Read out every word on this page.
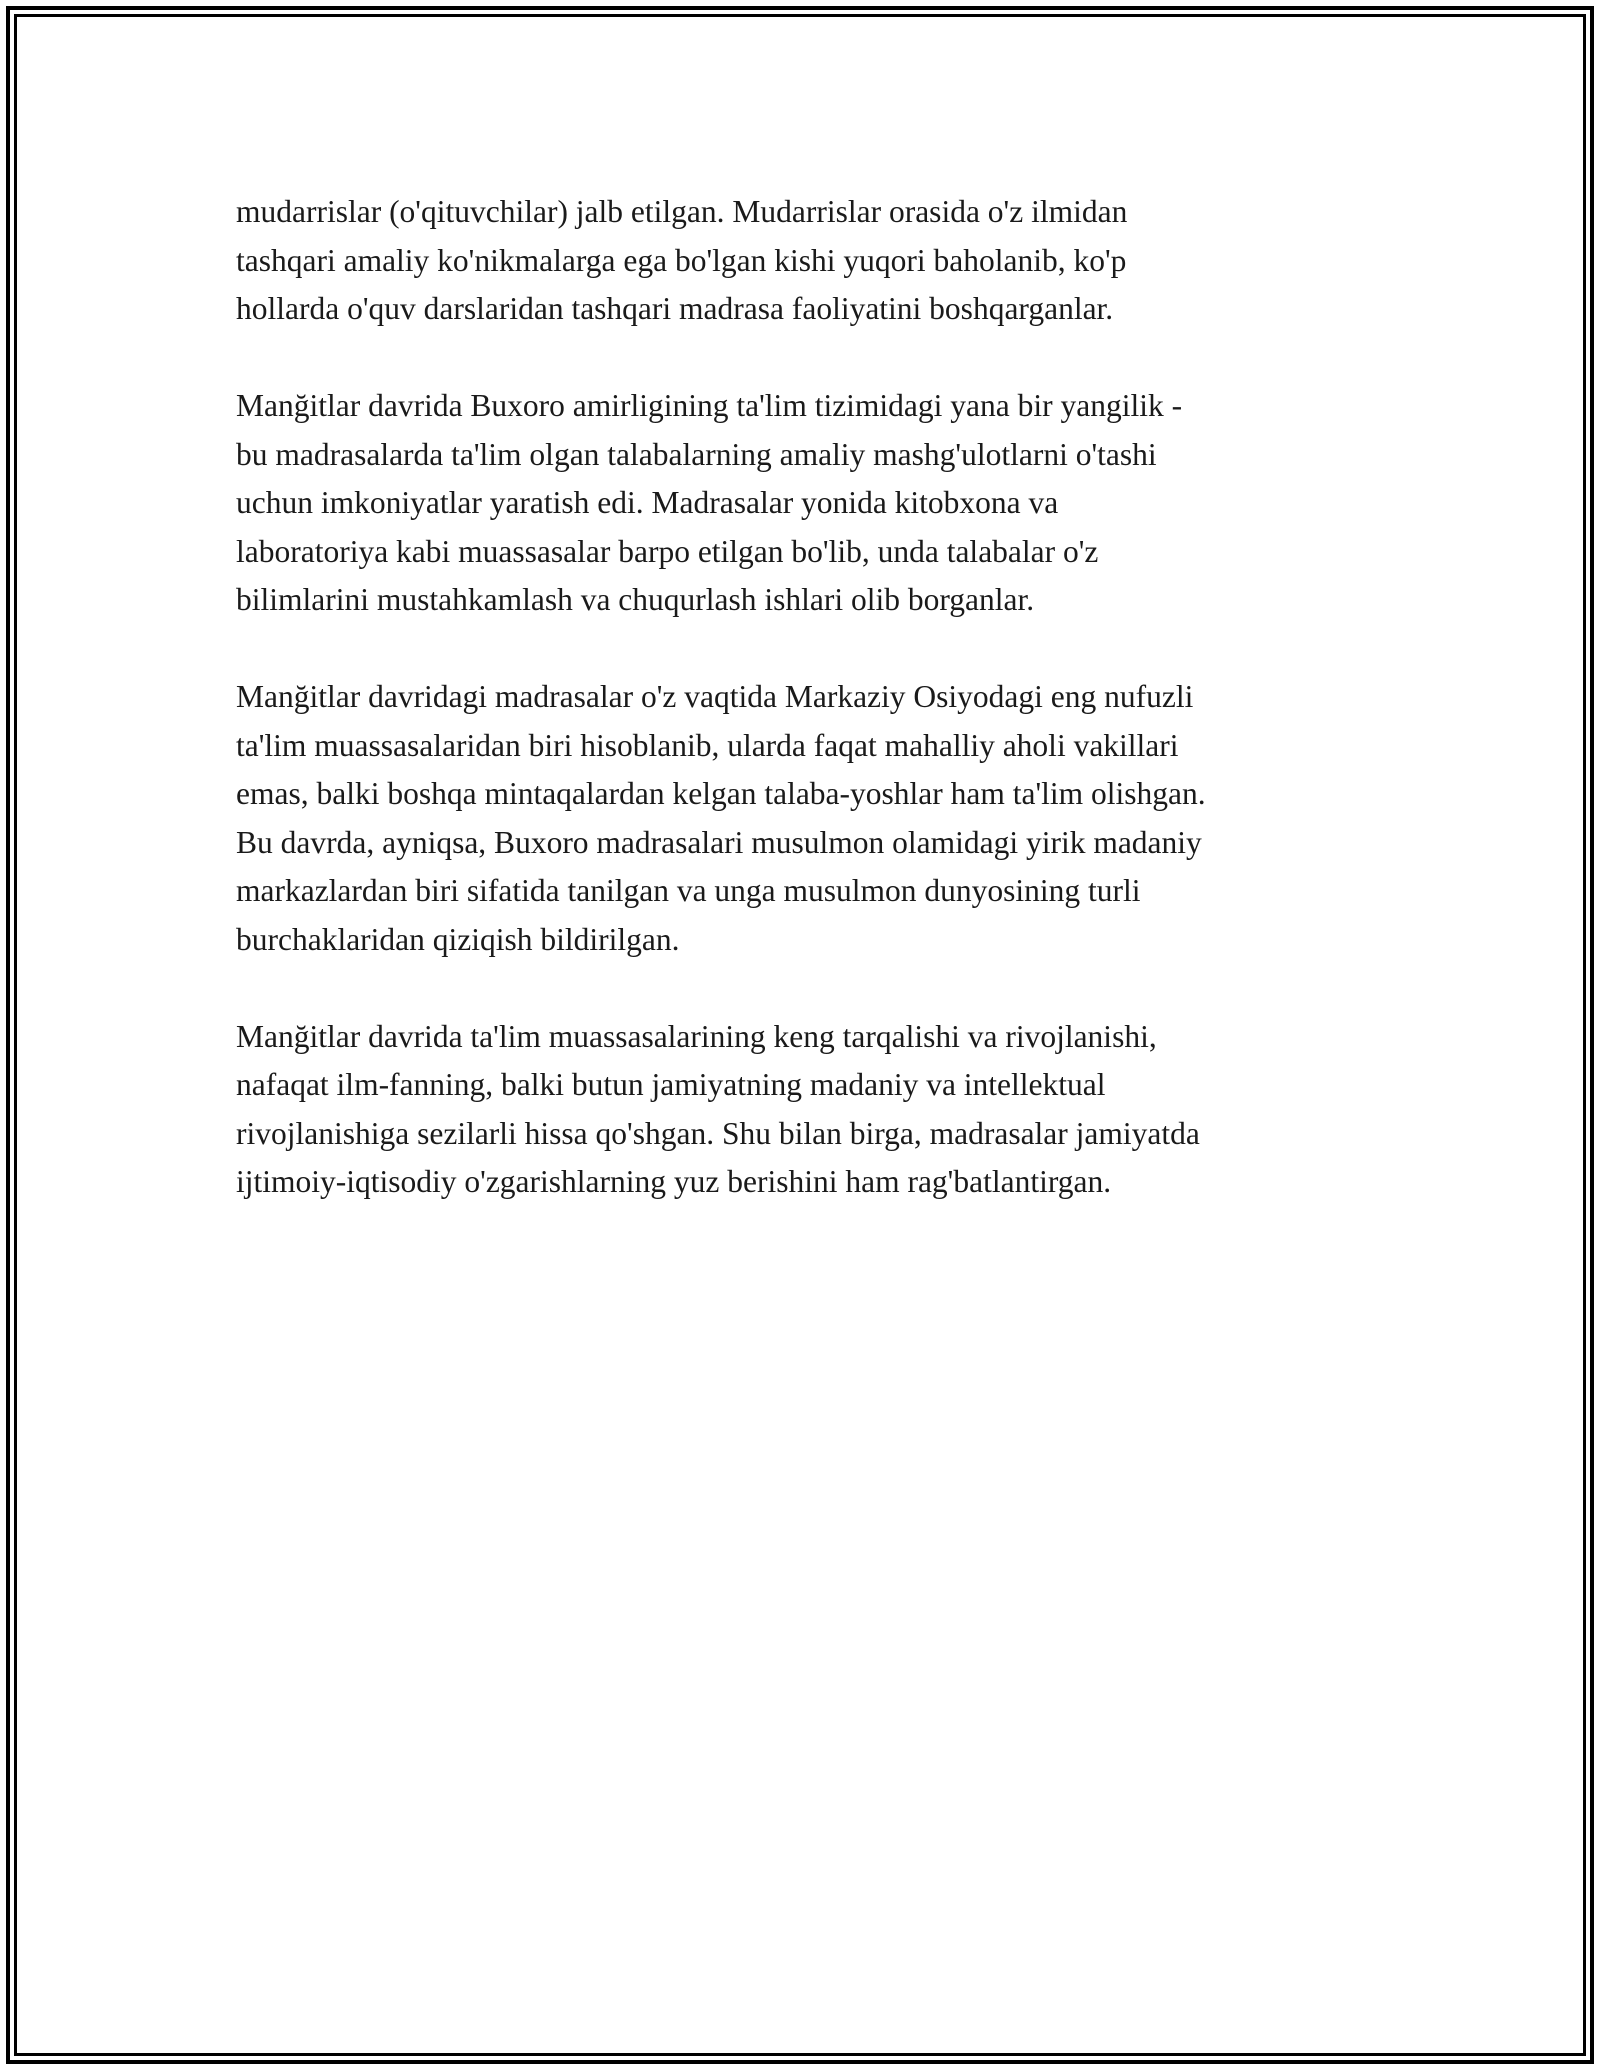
mudarrislar (o'qituvchilar) jalb etilgan. Mudarrislar orasida o'z ilmidan
tashqari amaliy ko'nikmalarga ega bo'lgan kishi yuqori baholanib, ko'p
hollarda o'quv darslaridan tashqari madrasa faoliyatini boshqarganlar.

Manğitlar davrida Buxoro amirligining ta'lim tizimidagi yana bir yangilik -
bu madrasalarda ta'lim olgan talabalarning amaliy mashg'ulotlarni o'tashi
uchun imkoniyatlar yaratish edi. Madrasalar yonida kitobxona va
laboratoriya kabi muassasalar barpo etilgan bo'lib, unda talabalar o'z
bilimlarini mustahkamlash va chuqurlash ishlari olib borganlar.

Manğitlar davridagi madrasalar o'z vaqtida Markaziy Osiyodagi eng nufuzli
ta'lim muassasalaridan biri hisoblanib, ularda faqat mahalliy aholi vakillari
emas, balki boshqa mintaqalardan kelgan talaba-yoshlar ham ta'lim olishgan.
Bu davrda, ayniqsa, Buxoro madrasalari musulmon olamidagi yirik madaniy
markazlardan biri sifatida tanilgan va unga musulmon dunyosining turli
burchaklaridan qiziqish bildirilgan.

Manğitlar davrida ta'lim muassasalarining keng tarqalishi va rivojlanishi,
nafaqat ilm-fanning, balki butun jamiyatning madaniy va intellektual
rivojlanishiga sezilarli hissa qo'shgan. Shu bilan birga, madrasalar jamiyatda
ijtimoiy-iqtisodiy o'zgarishlarning yuz berishini ham rag'batlantirgan.
